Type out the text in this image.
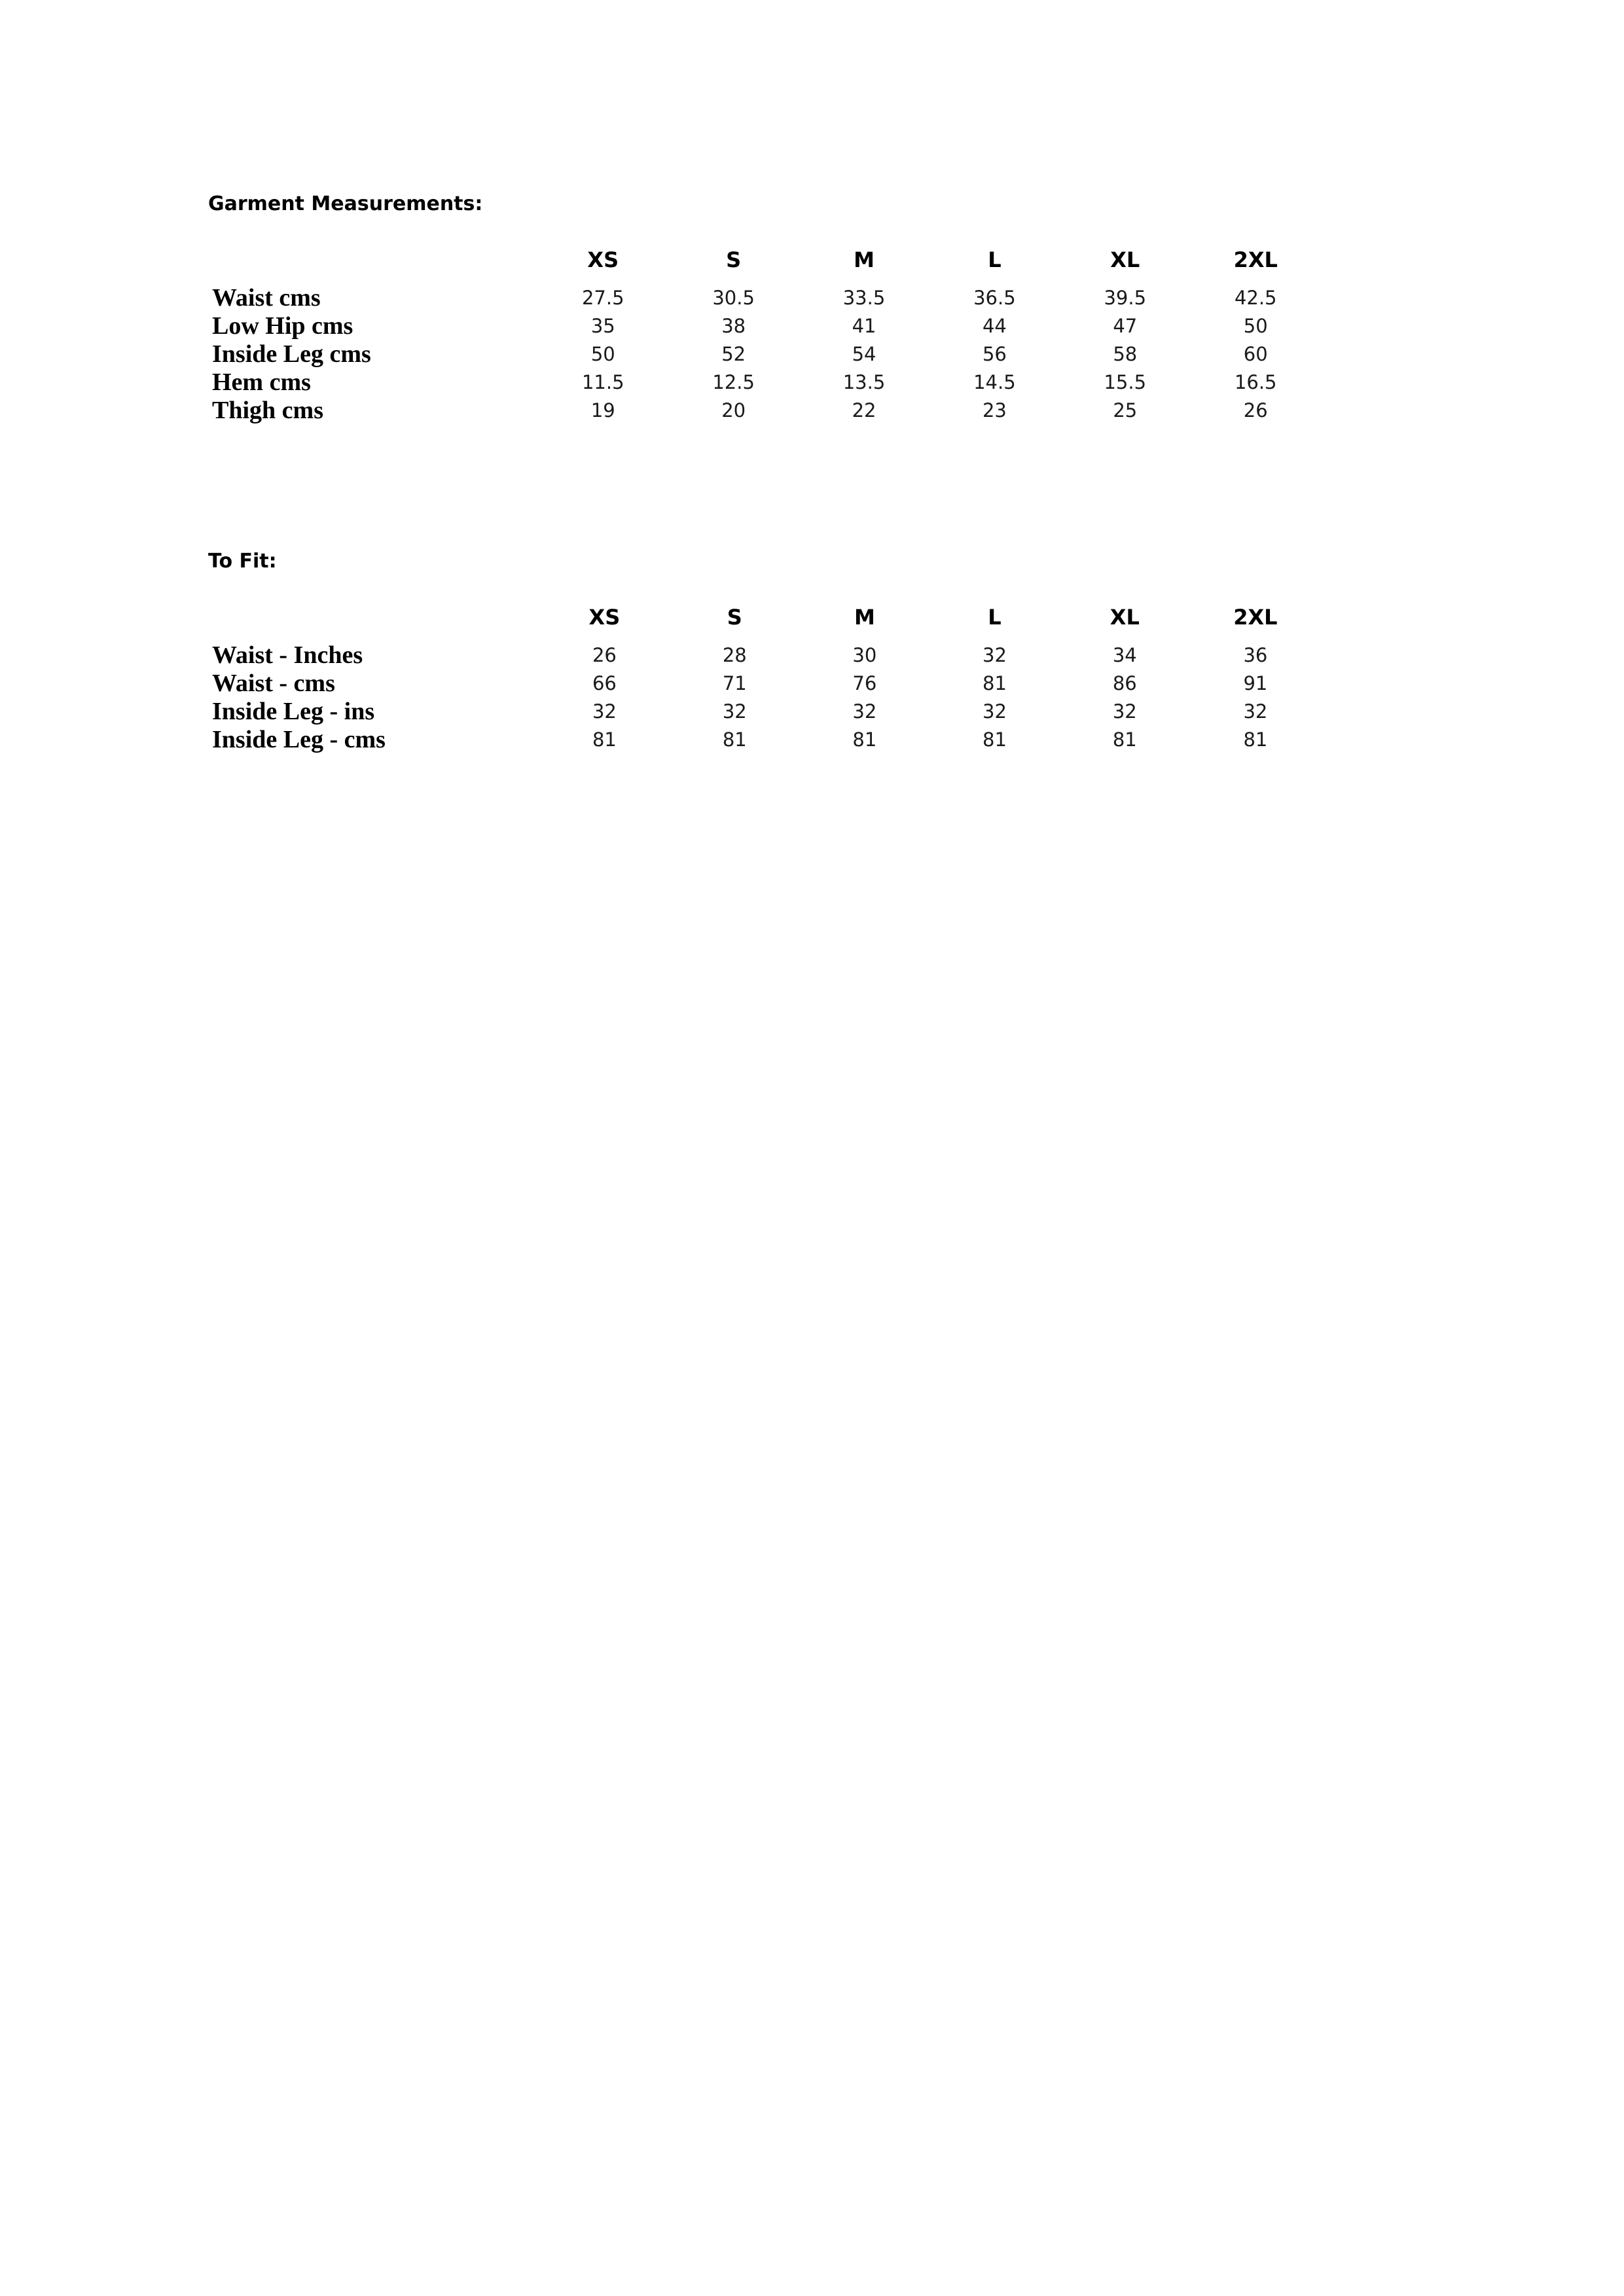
Garment Measurements:
	XS	S	M	L	XL	2XL
Waist cms	27.5	30.5	33.5	36.5	39.5	42.5
Low Hip cms	35	38	41	44	47	50
Inside Leg cms	50	52	54	56	58	60
Hem cms	11.5	12.5	13.5	14.5	15.5	16.5
Thigh cms	19	20	22	23	25	26
To Fit:
	XS	S	M	L	XL	2XL
Waist - Inches	26	28	30	32	34	36
Waist - cms	66	71	76	81	86	91
Inside Leg - ins	32	32	32	32	32	32
Inside Leg - cms	81	81	81	81	81	81
